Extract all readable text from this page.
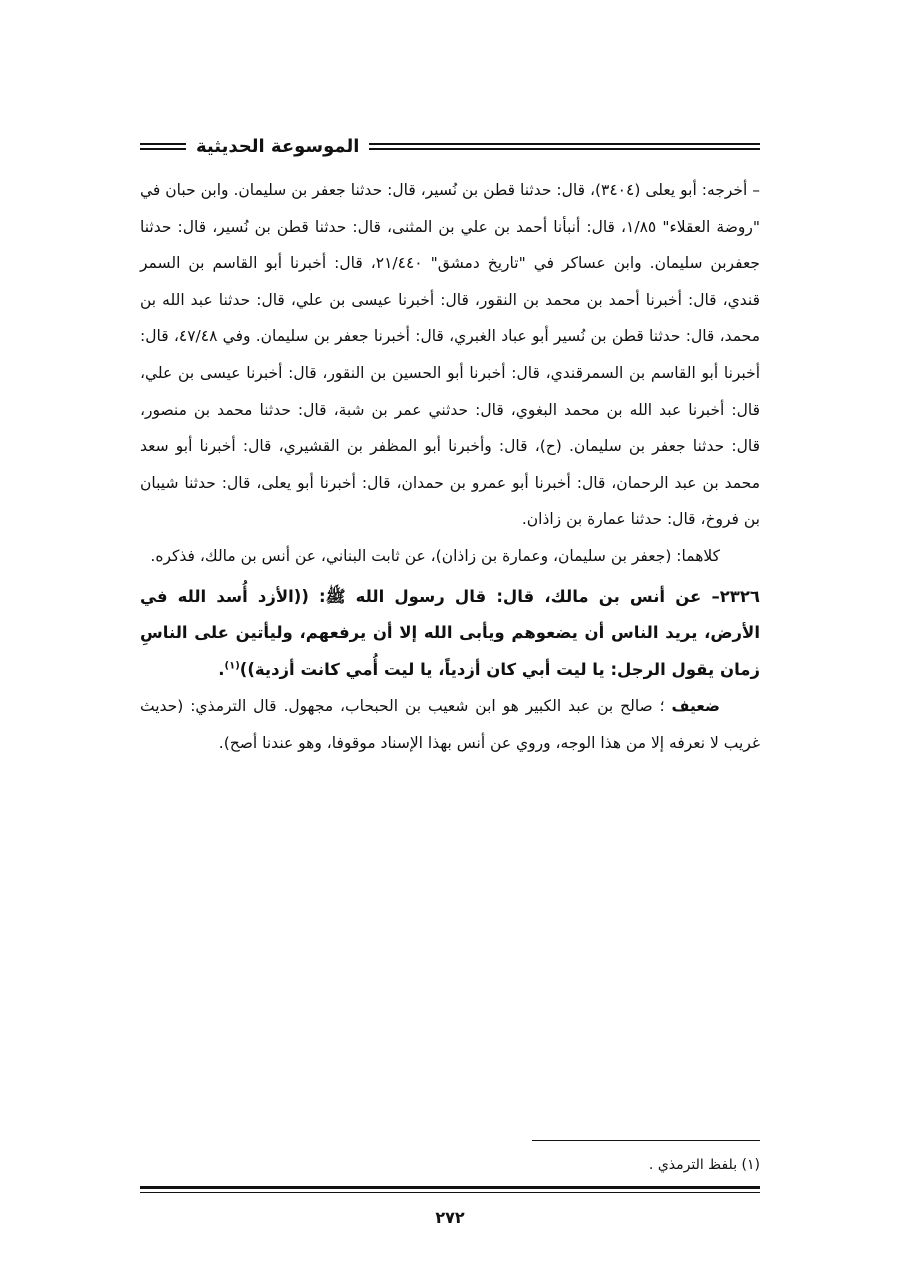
الموسوعة الحديثية

– أخرجه: أبو يعلى (٣٤٠٤)، قال: حدثنا قطن بن نُسير، قال: حدثنا جعفر بن سليمان. وابن حبان في "روضة العقلاء" ١/٨٥، قال: أنبأنا أحمد بن علي بن المثنى، قال: حدثنا قطن بن نُسير، قال: حدثنا جعفربن سليمان. وابن عساكر في "تاريخ دمشق" ٢١/٤٤٠، قال: أخبرنا أبو القاسم بن السمر قندي، قال: أخبرنا أحمد بن محمد بن النقور، قال: أخبرنا عيسى بن علي، قال: حدثنا عبد الله بن محمد، قال: حدثنا قطن بن نُسير أبو عباد الغبري، قال: أخبرنا جعفر بن سليمان. وفي ٤٧/٤٨، قال: أخبرنا أبو القاسم بن السمرقندي، قال: أخبرنا أبو الحسين بن النقور، قال: أخبرنا عيسى بن علي، قال: أخبرنا عبد الله بن محمد البغوي، قال: حدثني عمر بن شبة، قال: حدثنا محمد بن منصور، قال: حدثنا جعفر بن سليمان. (ح)، قال: وأخبرنا أبو المظفر بن القشيري، قال: أخبرنا أبو سعد محمد بن عبد الرحمان، قال: أخبرنا أبو عمرو بن حمدان، قال: أخبرنا أبو يعلى، قال: حدثنا شيبان بن فروخ، قال: حدثنا عمارة بن زاذان.

كلاهما: (جعفر بن سليمان، وعمارة بن زاذان)، عن ثابت البناني، عن أنس بن مالك، فذكره.

٢٣٢٦– عن أنس بن مالك، قال: قال رسول الله ﷺ: ((الأزد أُسد الله في الأرض، يريد الناس أن يضعوهم ويأبى الله إلا أن يرفعهم، وليأتين على الناسِ زمان يقول الرجل: يا ليت أبي كان أزدياً، يا ليت أُمي كانت أزدية))$^{(١)}$.

ضعيف ؛ صالح بن عبد الكبير هو ابن شعيب بن الحبحاب، مجهول. قال الترمذي: (حديث غريب لا نعرفه إلا من هذا الوجه، وروي عن أنس بهذا الإسناد موقوفا، وهو عندنا أصح).

(١) بلفظ الترمذي .
٢٧٢
